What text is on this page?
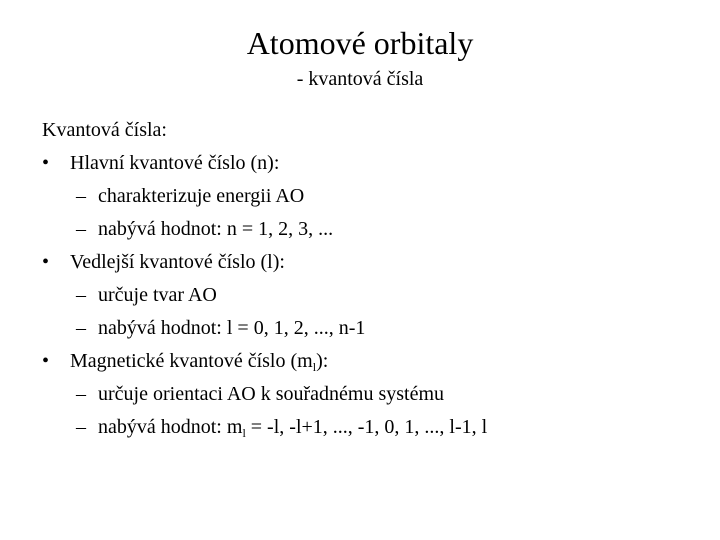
Atomové orbitaly
- kvantová čísla
Kvantová čísla:
•	Hlavní kvantové číslo (n):
– charakterizuje energii AO
– nabývá hodnot: n = 1, 2, 3, ...
•	Vedlejší kvantové číslo (l):
– určuje tvar AO
– nabývá hodnot: l = 0, 1, 2, ..., n-1
•	Magnetické kvantové číslo $(m_l)$:
– určuje orientaci AO k souřadnému systému
– nabývá hodnot: $m_l = -l$, -l+1, ..., -1, 0, 1, ..., l-1, l
